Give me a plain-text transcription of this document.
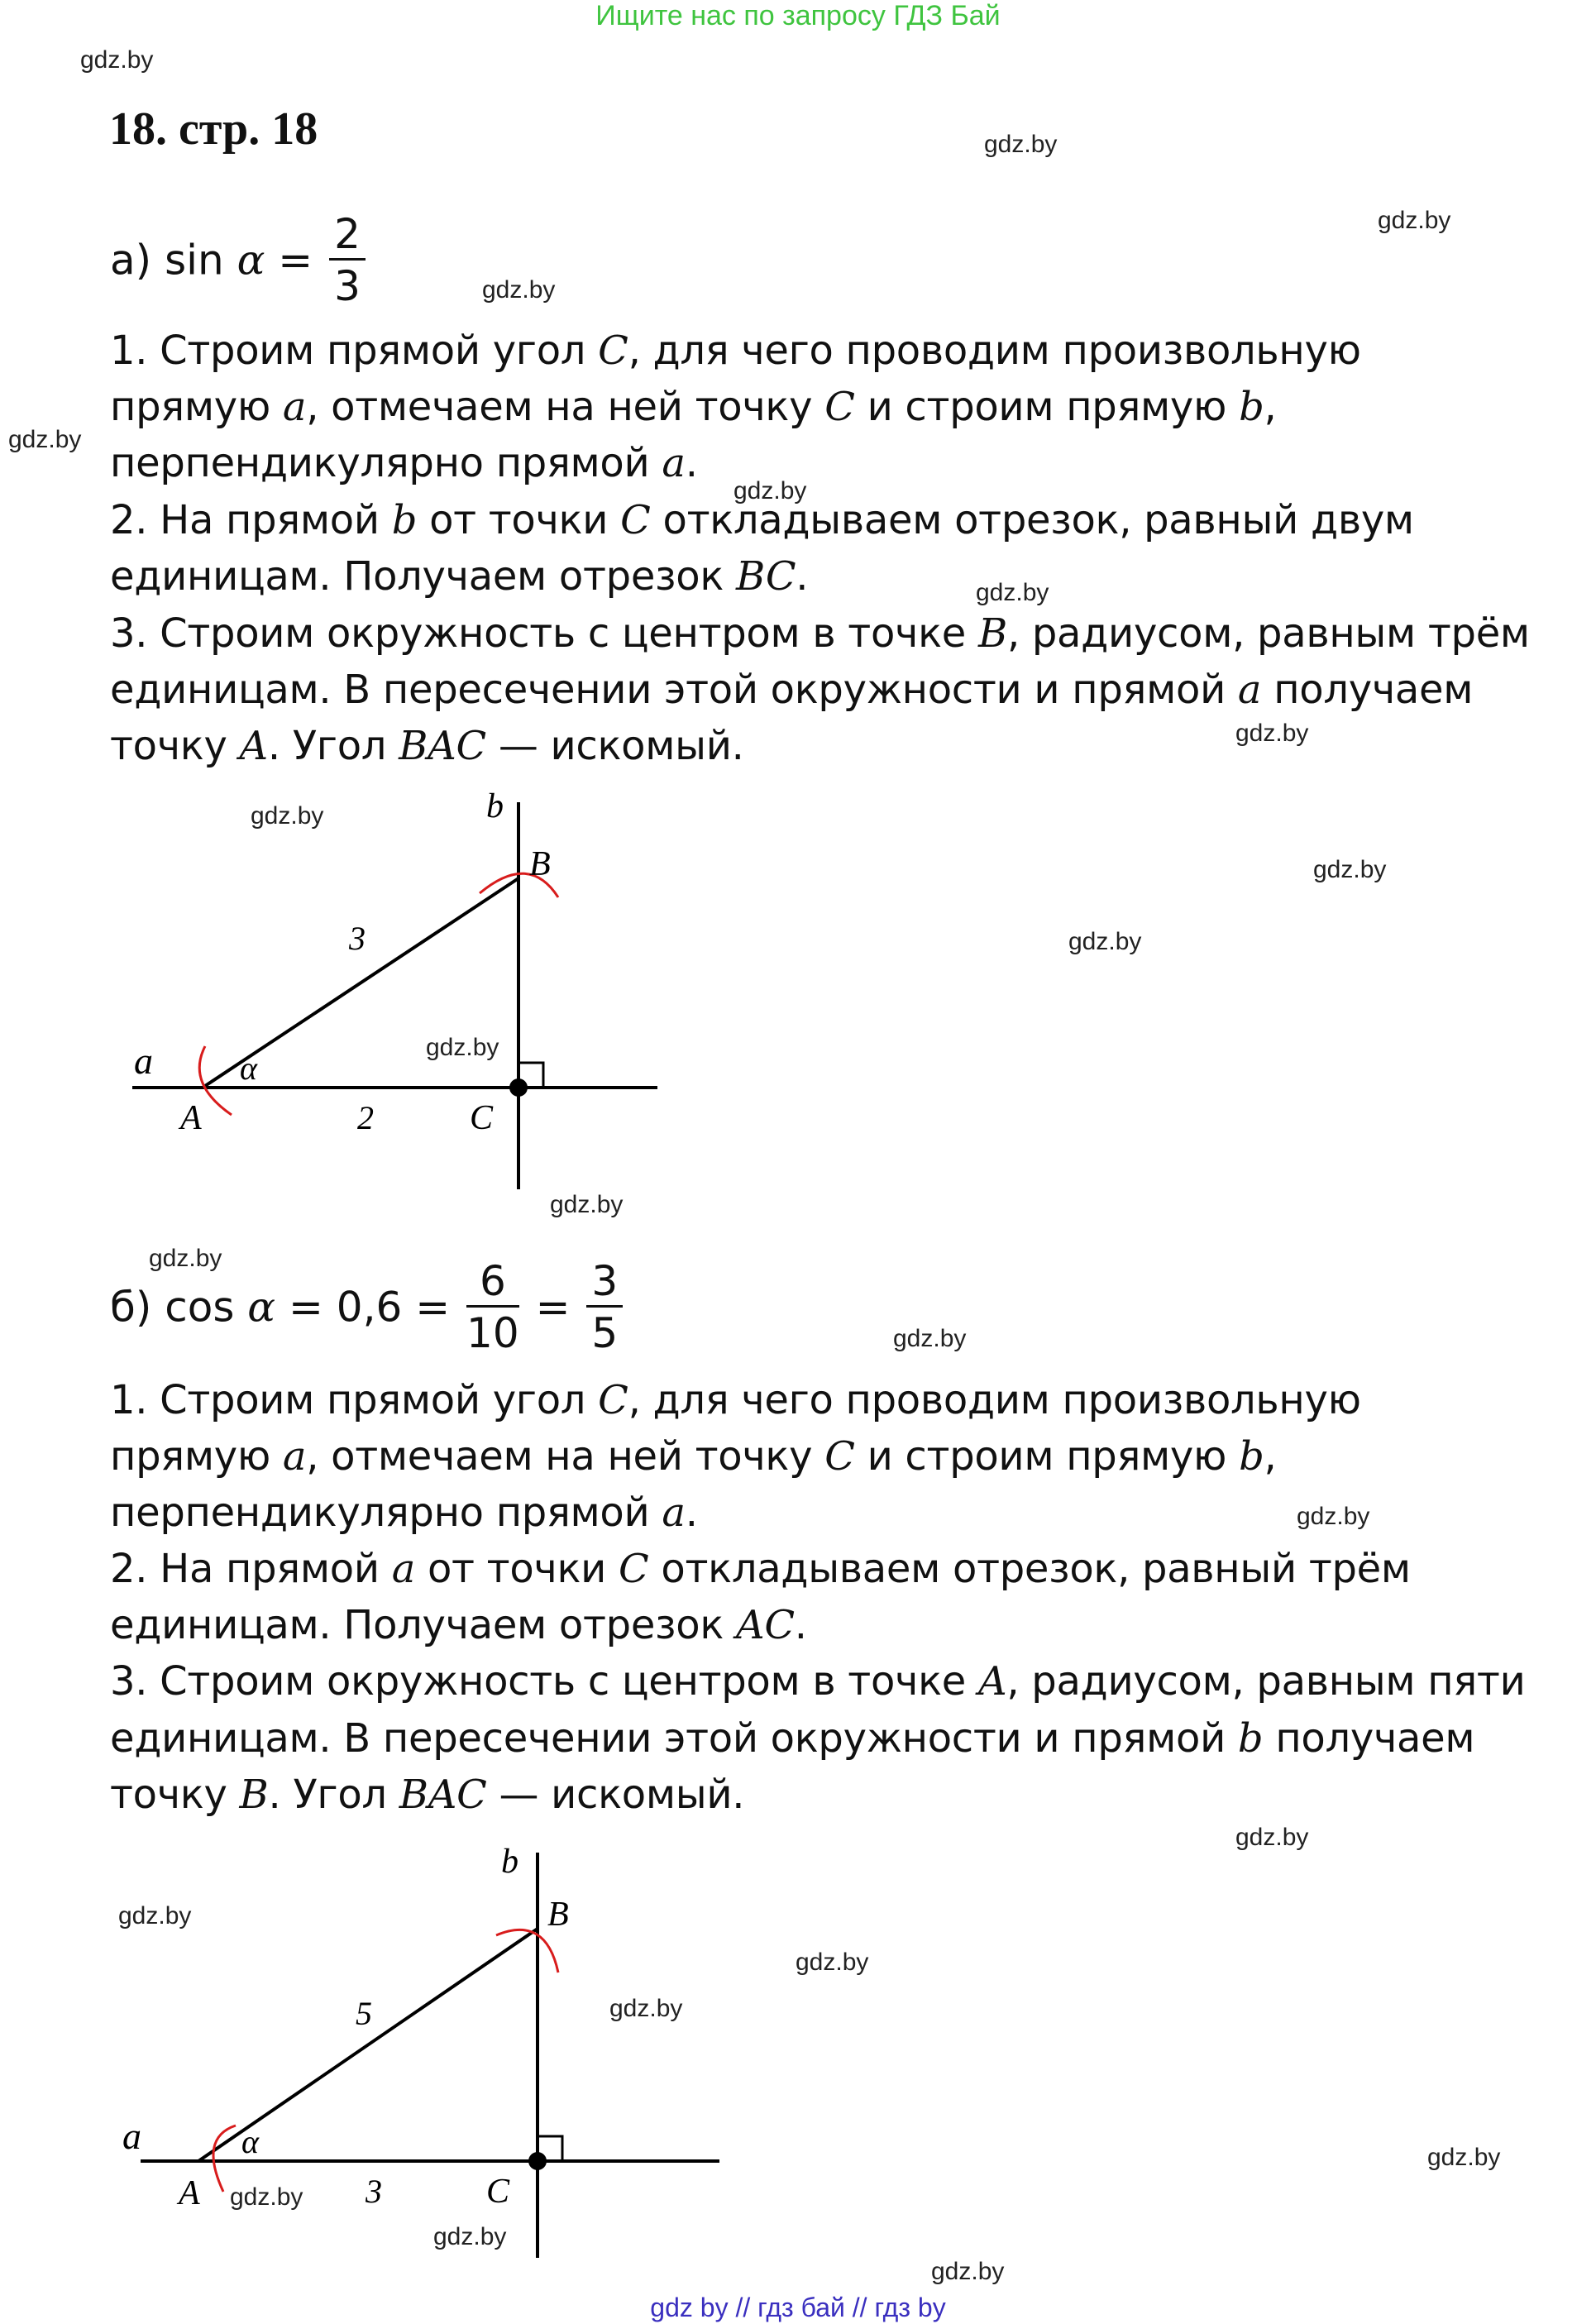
Ищите нас по запросу ГДЗ Бай
gdz.by
gdz.by
gdz.by
gdz.by
gdz.by
gdz.by
gdz.by
gdz.by
gdz.by
gdz.by
gdz.by
gdz.by
gdz.by
gdz.by
gdz.by
gdz.by
gdz.by
gdz.by
gdz.by
gdz.by
gdz.by
gdz.by
gdz.by
gdz.by
18. стр. 18
а) $\sin \alpha = \frac{2}{3}$
1. Строим прямой угол C, для чего проводим произвольную
прямую a, отмечаем на ней точку C и строим прямую b,
перпендикулярно прямой a.
2. На прямой b от точки C откладываем отрезок, равный двум
единицам. Получаем отрезок BC.
3. Строим окружность с центром в точке B, радиусом, равным трём
единицам. В пересечении этой окружности и прямой a получаем
точку A. Угол BAC — искомый.
a
b
A
B
C
α
3
2
б) $\cos \alpha = 0,6 = \frac{6}{10} = \frac{3}{5}$
1. Строим прямой угол C, для чего проводим произвольную
прямую a, отмечаем на ней точку C и строим прямую b,
перпендикулярно прямой a.
2. На прямой a от точки C откладываем отрезок, равный трём
единицам. Получаем отрезок AC.
3. Строим окружность с центром в точке A, радиусом, равным пяти
единицам. В пересечении этой окружности и прямой b получаем
точку B. Угол BAC — искомый.
a
b
A
B
C
α
5
3
gdz by // гдз бай // гдз by
